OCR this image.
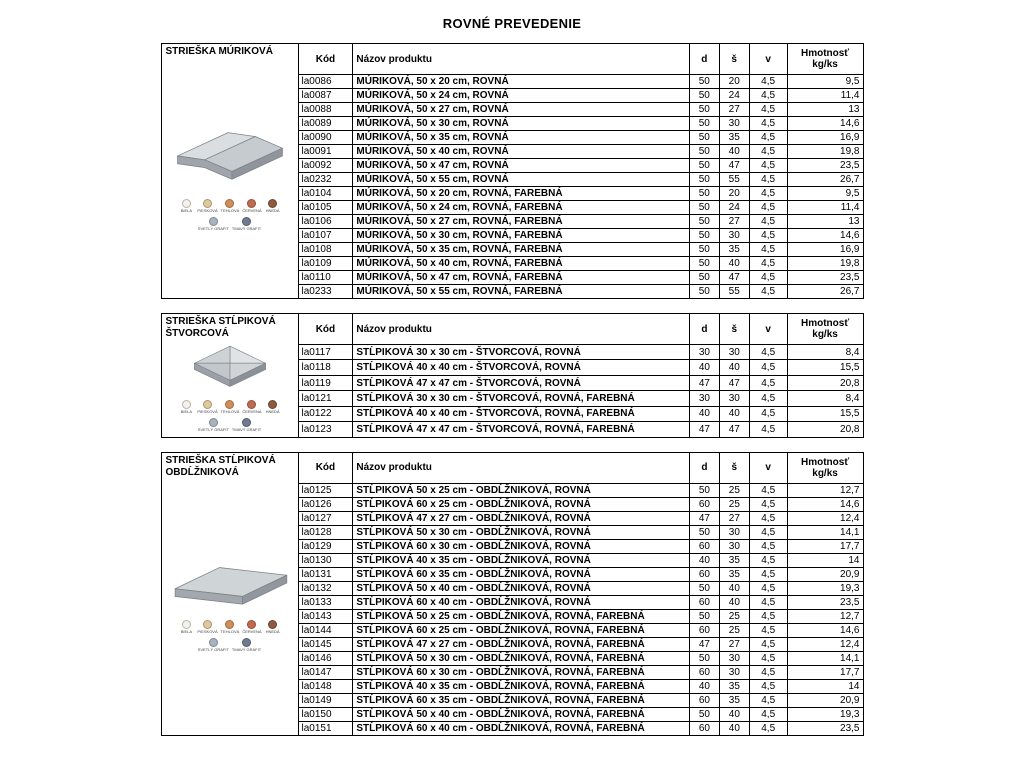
ROVNÉ PREVEDENIE
STRIEŠKA MÚRIKOVÁ
BIELA PIESKOVÁ TEHLOVÁ ČERVENÁ HNEDÁ
SVETLÝ GRAFIT TMAVÝ GRAFIT
Kód	Názov produktu	d	š	v	Hmotnosť
kg/ks
la0086	MÚRIKOVÁ, 50 x 20 cm, ROVNÁ	50	20	4,5	9,5
la0087	MÚRIKOVÁ, 50 x 24 cm, ROVNÁ	50	24	4,5	11,4
la0088	MÚRIKOVÁ, 50 x 27 cm, ROVNÁ	50	27	4,5	13
la0089	MÚRIKOVÁ, 50 x 30 cm, ROVNÁ	50	30	4,5	14,6
la0090	MÚRIKOVÁ, 50 x 35 cm, ROVNÁ	50	35	4,5	16,9
la0091	MÚRIKOVÁ, 50 x 40 cm, ROVNÁ	50	40	4,5	19,8
la0092	MÚRIKOVÁ, 50 x 47 cm, ROVNÁ	50	47	4,5	23,5
la0232	MÚRIKOVÁ, 50 x 55 cm, ROVNÁ	50	55	4,5	26,7
la0104	MÚRIKOVÁ, 50 x 20 cm, ROVNÁ, FAREBNÁ	50	20	4,5	9,5
la0105	MÚRIKOVÁ, 50 x 24 cm, ROVNÁ, FAREBNÁ	50	24	4,5	11,4
la0106	MÚRIKOVÁ, 50 x 27 cm, ROVNÁ, FAREBNÁ	50	27	4,5	13
la0107	MÚRIKOVÁ, 50 x 30 cm, ROVNÁ, FAREBNÁ	50	30	4,5	14,6
la0108	MÚRIKOVÁ, 50 x 35 cm, ROVNÁ, FAREBNÁ	50	35	4,5	16,9
la0109	MÚRIKOVÁ, 50 x 40 cm, ROVNÁ, FAREBNÁ	50	40	4,5	19,8
la0110	MÚRIKOVÁ, 50 x 47 cm, ROVNÁ, FAREBNÁ	50	47	4,5	23,5
la0233	MÚRIKOVÁ, 50 x 55 cm, ROVNÁ, FAREBNÁ	50	55	4,5	26,7
STRIEŠKA STĹPIKOVÁ ŠTVORCOVÁ
BIELA PIESKOVÁ TEHLOVÁ ČERVENÁ HNEDÁ
SVETLÝ GRAFIT TMAVÝ GRAFIT
Kód	Názov produktu	d	š	v	Hmotnosť
kg/ks
la0117	STĹPIKOVÁ 30 x 30 cm - ŠTVORCOVÁ, ROVNÁ	30	30	4,5	8,4
la0118	STĹPIKOVÁ 40 x 40 cm - ŠTVORCOVÁ, ROVNÁ	40	40	4,5	15,5
la0119	STĹPIKOVÁ 47 x 47 cm - ŠTVORCOVÁ, ROVNÁ	47	47	4,5	20,8
la0121	STĹPIKOVÁ 30 x 30 cm - ŠTVORCOVÁ, ROVNÁ, FAREBNÁ	30	30	4,5	8,4
la0122	STĹPIKOVÁ 40 x 40 cm - ŠTVORCOVÁ, ROVNÁ, FAREBNÁ	40	40	4,5	15,5
la0123	STĹPIKOVÁ 47 x 47 cm - ŠTVORCOVÁ, ROVNÁ, FAREBNÁ	47	47	4,5	20,8
STRIEŠKA STĹPIKOVÁ OBDĹŽNIKOVÁ
BIELA PIESKOVÁ TEHLOVÁ ČERVENÁ HNEDÁ
SVETLÝ GRAFIT TMAVÝ GRAFIT
Kód	Názov produktu	d	š	v	Hmotnosť
kg/ks
la0125	STĹPIKOVÁ 50 x 25 cm - OBDĹŽNIKOVÁ, ROVNÁ	50	25	4,5	12,7
la0126	STĹPIKOVÁ 60 x 25 cm - OBDĹŽNIKOVÁ, ROVNÁ	60	25	4,5	14,6
la0127	STĹPIKOVÁ 47 x 27 cm - OBDĹŽNIKOVÁ, ROVNÁ	47	27	4,5	12,4
la0128	STĹPIKOVÁ 50 x 30 cm - OBDĹŽNIKOVÁ, ROVNÁ	50	30	4,5	14,1
la0129	STĹPIKOVÁ 60 x 30 cm - OBDĹŽNIKOVÁ, ROVNÁ	60	30	4,5	17,7
la0130	STĹPIKOVÁ 40 x 35 cm - OBDĹŽNIKOVÁ, ROVNÁ	40	35	4,5	14
la0131	STĹPIKOVÁ 60 x 35 cm - OBDĹŽNIKOVÁ, ROVNÁ	60	35	4,5	20,9
la0132	STĹPIKOVÁ 50 x 40 cm - OBDĹŽNIKOVÁ, ROVNÁ	50	40	4,5	19,3
la0133	STĹPIKOVÁ 60 x 40 cm - OBDĹŽNIKOVÁ, ROVNÁ	60	40	4,5	23,5
la0143	STĹPIKOVÁ 50 x 25 cm - OBDĹŽNIKOVÁ, ROVNÁ, FAREBNÁ	50	25	4,5	12,7
la0144	STĹPIKOVÁ 60 x 25 cm - OBDĹŽNIKOVÁ, ROVNÁ, FAREBNÁ	60	25	4,5	14,6
la0145	STĹPIKOVÁ 47 x 27 cm - OBDĹŽNIKOVÁ, ROVNÁ, FAREBNÁ	47	27	4,5	12,4
la0146	STĹPIKOVÁ 50 x 30 cm - OBDĹŽNIKOVÁ, ROVNÁ, FAREBNÁ	50	30	4,5	14,1
la0147	STĹPIKOVÁ 60 x 30 cm - OBDĹŽNIKOVÁ, ROVNÁ, FAREBNÁ	60	30	4,5	17,7
la0148	STĹPIKOVÁ 40 x 35 cm - OBDĹŽNIKOVÁ, ROVNÁ, FAREBNÁ	40	35	4,5	14
la0149	STĹPIKOVÁ 60 x 35 cm - OBDĹŽNIKOVÁ, ROVNÁ, FAREBNÁ	60	35	4,5	20,9
la0150	STĹPIKOVÁ 50 x 40 cm - OBDĹŽNIKOVÁ, ROVNÁ, FAREBNÁ	50	40	4,5	19,3
la0151	STĹPIKOVÁ 60 x 40 cm - OBDĹŽNIKOVÁ, ROVNÁ, FAREBNÁ	60	40	4,5	23,5
